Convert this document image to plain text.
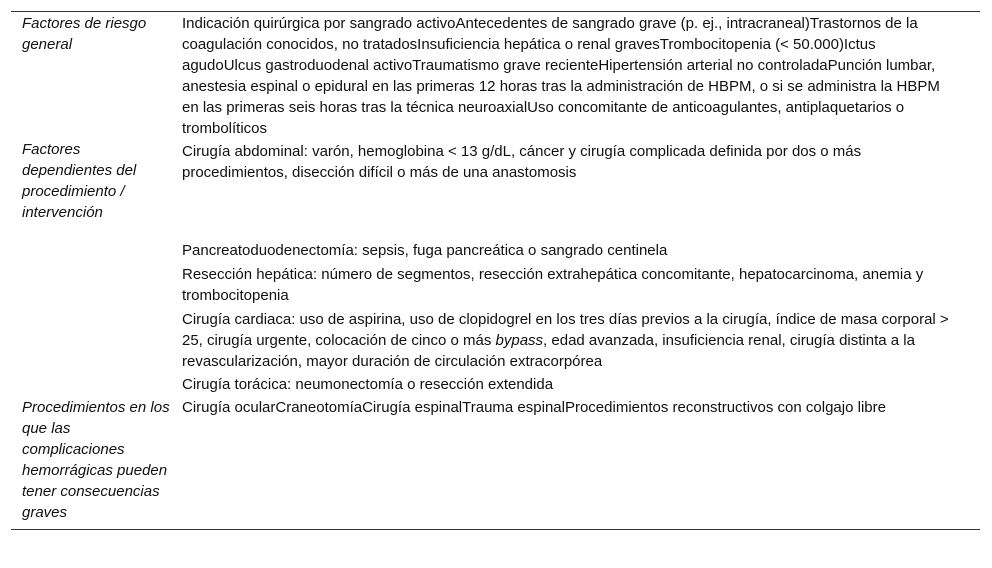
Factores de riesgo general	Indicación quirúrgica por sangrado activoAntecedentes de sangrado grave (p. ej., intracraneal)Trastornos de la coagulación conocidos, no tratadosInsuficiencia hepática o renal gravesTrombocitopenia (< 50.000)Ictus agudoUlcus gastroduodenal activoTraumatismo grave recienteHipertensión arterial no controladaPunción lumbar, anestesia espinal o epidural en las primeras 12 horas tras la administración de HBPM, o si se administra la HBPM en las primeras seis horas tras la técnica neuroaxialUso concomitante de anticoagulantes, antiplaquetarios o trombolíticos
Factores dependientes del procedimiento / intervención	Cirugía abdominal: varón, hemoglobina < 13 g/dL, cáncer y cirugía complicada definida por dos o más procedimientos, disección difícil o más de una anastomosis
	Pancreatoduodenectomía: sepsis, fuga pancreática o sangrado centinela
	Resección hepática: número de segmentos, resección extrahepática concomitante, hepatocarcinoma, anemia y trombocitopenia
	Cirugía cardiaca: uso de aspirina, uso de clopidogrel en los tres días previos a la cirugía, índice de masa corporal > 25, cirugía urgente, colocación de cinco o más bypass, edad avanzada, insuficiencia renal, cirugía distinta a la revascularización, mayor duración de circulación extracorpórea
	Cirugía torácica: neumonectomía o resección extendida
Procedimientos en los que las complicaciones hemorrágicas pueden tener consecuencias graves	Cirugía ocularCraneotomíaCirugía espinalTrauma espinalProcedimientos reconstructivos con colgajo libre
